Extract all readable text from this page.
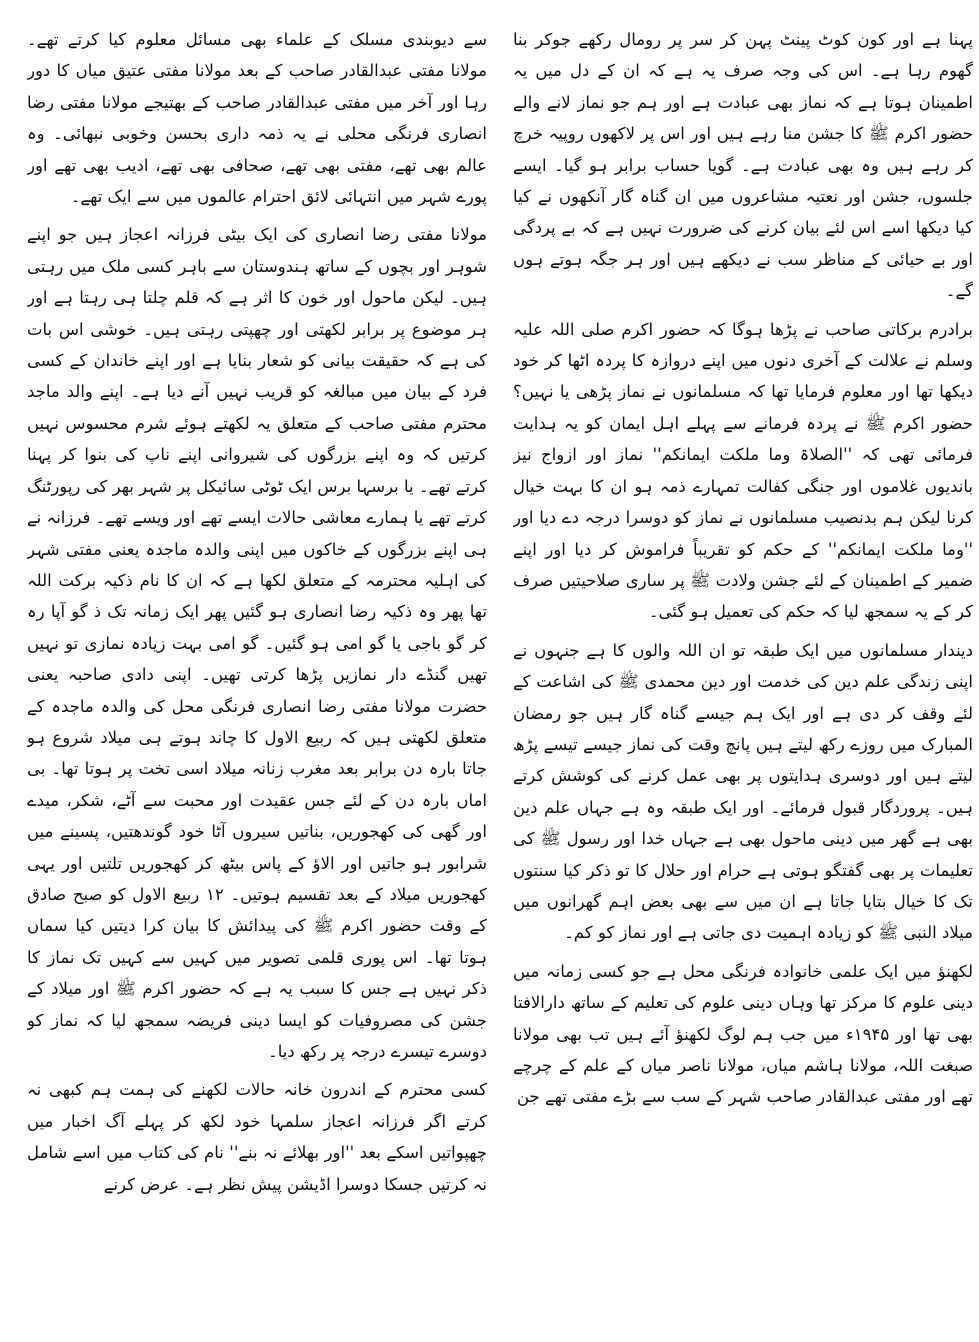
پہنا ہے اور کون کوٹ پینٹ پہن کر سر پر رومال رکھے جوکر بنا گھوم رہا ہے۔ اس کی وجہ صرف یہ ہے کہ ان کے دل میں یہ اطمینان ہوتا ہے کہ نماز بھی عبادت ہے اور ہم جو نماز لانے والے حضور اکرم ﷺ کا جشن منا رہے ہیں اور اس پر لاکھوں روپیہ خرچ کر رہے ہیں وہ بھی عبادت ہے۔ گویا حساب برابر ہو گیا۔ ایسے جلسوں، جشن اور نعتیہ مشاعروں میں ان گناہ گار آنکھوں نے کیا کیا دیکھا اسے اس لئے بیان کرنے کی ضرورت نہیں ہے کہ بے پردگی اور بے حیائی کے مناظر سب نے دیکھے ہیں اور ہر جگہ ہوتے ہوں گے۔

برادرم برکاتی صاحب نے پڑھا ہوگا کہ حضور اکرم صلی اللہ علیہ وسلم نے علالت کے آخری دنوں میں اپنے دروازہ کا پردہ اٹھا کر خود دیکھا تھا اور معلوم فرمایا تھا کہ مسلمانوں نے نماز پڑھی یا نہیں؟ حضور اکرم ﷺ نے پردہ فرمانے سے پہلے اہل ایمان کو یہ ہدایت فرمائی تھی کہ ''الصلاۃ وما ملکت ایمانکم'' نماز اور ازواج نیز باندیوں غلاموں اور جنگی کفالت تمہارے ذمہ ہو ان کا بہت خیال کرنا لیکن ہم بدنصیب مسلمانوں نے نماز کو دوسرا درجہ دے دیا اور ''وما ملکت ایمانکم'' کے حکم کو تقریباً فراموش کر دیا اور اپنے ضمیر کے اطمینان کے لئے جشن ولادت ﷺ پر ساری صلاحیتیں صرف کر کے یہ سمجھ لیا کہ حکم کی تعمیل ہو گئی۔

دیندار مسلمانوں میں ایک طبقہ تو ان اللہ والوں کا ہے جنہوں نے اپنی زندگی علم دین کی خدمت اور دین محمدی ﷺ کی اشاعت کے لئے وقف کر دی ہے اور ایک ہم جیسے گناہ گار ہیں جو رمضان المبارک میں روزے رکھ لیتے ہیں پانچ وقت کی نماز جیسے تیسے پڑھ لیتے ہیں اور دوسری ہدایتوں پر بھی عمل کرنے کی کوشش کرتے ہیں۔ پروردگار قبول فرمائے۔ اور ایک طبقہ وہ ہے جہاں علم دین بھی ہے گھر میں دینی ماحول بھی ہے جہاں خدا اور رسول ﷺ کی تعلیمات پر بھی گفتگو ہوتی ہے حرام اور حلال کا تو ذکر کیا سنتوں تک کا خیال بتایا جاتا ہے ان میں سے بھی بعض اہم گھرانوں میں میلاد النبی ﷺ کو زیادہ اہمیت دی جاتی ہے اور نماز کو کم۔

لکھنؤ میں ایک علمی خانوادہ فرنگی محل ہے جو کسی زمانہ میں دینی علوم کا مرکز تھا وہاں دینی علوم کی تعلیم کے ساتھ دارالافتا بھی تھا اور ۱۹۴۵ء میں جب ہم لوگ لکھنؤ آئے ہیں تب بھی مولانا صبغت اللہ، مولانا ہاشم میاں، مولانا ناصر میاں کے علم کے چرچے تھے اور مفتی عبدالقادر صاحب شہر کے سب سے بڑے مفتی تھے جن

سے دیوبندی مسلک کے علماء بھی مسائل معلوم کیا کرتے تھے۔ مولانا مفتی عبدالقادر صاحب کے بعد مولانا مفتی عتیق میاں کا دور رہا اور آخر میں مفتی عبدالقادر صاحب کے بھتیجے مولانا مفتی رضا انصاری فرنگی محلی نے یہ ذمہ داری بحسن وخوبی نبھائی۔ وہ عالم بھی تھے، مفتی بھی تھے، صحافی بھی تھے، ادیب بھی تھے اور پورے شہر میں انتہائی لائق احترام عالموں میں سے ایک تھے۔

مولانا مفتی رضا انصاری کی ایک بیٹی فرزانہ اعجاز ہیں جو اپنے شوہر اور بچوں کے ساتھ ہندوستان سے باہر کسی ملک میں رہتی ہیں۔ لیکن ماحول اور خون کا اثر ہے کہ قلم چلتا ہی رہتا ہے اور ہر موضوع پر برابر لکھتی اور چھپتی رہتی ہیں۔ خوشی اس بات کی ہے کہ حقیقت بیانی کو شعار بنایا ہے اور اپنے خاندان کے کسی فرد کے بیان میں مبالغہ کو قریب نہیں آنے دیا ہے۔ اپنے والد ماجد محترم مفتی صاحب کے متعلق یہ لکھتے ہوئے شرم محسوس نہیں کرتیں کہ وہ اپنے بزرگوں کی شیروانی اپنے ناپ کی بنوا کر پہنا کرتے تھے۔ یا برسہا برس ایک ٹوٹی سائیکل پر شہر بھر کی رپورٹنگ کرتے تھے یا ہمارے معاشی حالات ایسے تھے اور ویسے تھے۔ فرزانہ نے ہی اپنے بزرگوں کے خاکوں میں اپنی والدہ ماجدہ یعنی مفتی شہر کی اہلیہ محترمہ کے متعلق لکھا ہے کہ ان کا نام ذکیہ برکت اللہ تھا پھر وہ ذکیہ رضا انصاری ہو گئیں پھر ایک زمانہ تک ذ گو آپا رہ کر گو باجی یا گو امی ہو گئیں۔ گو امی بہت زیادہ نمازی تو نہیں تھیں گنڈے دار نمازیں پڑھا کرتی تھیں۔ اپنی دادی صاحبہ یعنی حضرت مولانا مفتی رضا انصاری فرنگی محل کی والدہ ماجدہ کے متعلق لکھتی ہیں کہ ربیع الاول کا چاند ہوتے ہی میلاد شروع ہو جاتا بارہ دن برابر بعد مغرب زنانہ میلاد اسی تخت پر ہوتا تھا۔ بی اماں بارہ دن کے لئے جس عقیدت اور محبت سے آٹے، شکر، میدے اور گھی کی کھجوریں، بناتیں سیروں آٹا خود گوندھتیں، پسینے میں شرابور ہو جاتیں اور الاؤ کے پاس بیٹھ کر کھجوریں تلتیں اور یہی کھجوریں میلاد کے بعد تقسیم ہوتیں۔ ۱۲ ربیع الاول کو صبح صادق کے وقت حضور اکرم ﷺ کی پیدائش کا بیان کرا دیتیں کیا سماں ہوتا تھا۔ اس پوری قلمی تصویر میں کہیں سے کہیں تک نماز کا ذکر نہیں ہے جس کا سبب یہ ہے کہ حضور اکرم ﷺ اور میلاد کے جشن کی مصروفیات کو ایسا دینی فریضہ سمجھ لیا کہ نماز کو دوسرے تیسرے درجہ پر رکھ دیا۔

کسی محترم کے اندرون خانہ حالات لکھنے کی ہمت ہم کبھی نہ کرتے اگر فرزانہ اعجاز سلمہا خود لکھ کر پہلے آگ اخبار میں چھپواتیں اسکے بعد ''اور بھلائے نہ بنے'' نام کی کتاب میں اسے شامل نہ کرتیں جسکا دوسرا اڈیشن پیش نظر ہے۔ عرض کرنے
